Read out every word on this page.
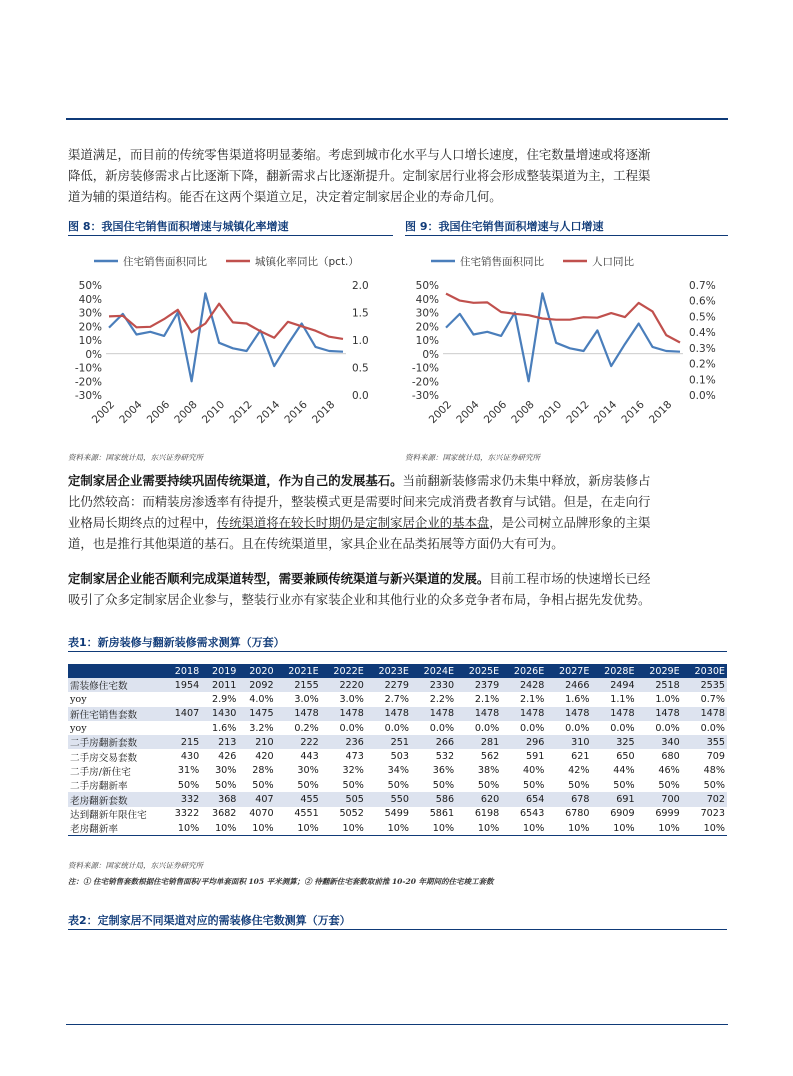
渠道满足，而目前的传统零售渠道将明显萎缩。考虑到城市化水平与人口增长速度，住宅数量增速或将逐渐
降低，新房装修需求占比逐渐下降，翻新需求占比逐渐提升。定制家居行业将会形成整装渠道为主，工程渠
道为辅的渠道结构。能否在这两个渠道立足，决定着定制家居企业的寿命几何。

图 8：我国住宅销售面积增速与城镇化率增速
住宅销售面积同比	城镇化率同比（pct.）
50%
40%
30%
20%
10%
0%
-10%
-20%
-30%
2.0
1.5
1.0
0.5
0.0
2002 2004 2006 2008 2010 2012 2014 2016 2018
资料来源：国家统计局，东兴证券研究所
图 9：我国住宅销售面积增速与人口增速
住宅销售面积同比	人口同比
50%
40%
30%
20%
10%
0%
-10%
-20%
-30%
0.7%
0.6%
0.5%
0.4%
0.3%
0.2%
0.1%
0.0%
2002 2004 2006 2008 2010 2012 2014 2016 2018
资料来源：国家统计局，东兴证券研究所

定制家居企业需要持续巩固传统渠道，作为自己的发展基石。当前翻新装修需求仍未集中释放，新房装修占
比仍然较高：而精装房渗透率有待提升，整装模式更是需要时间来完成消费者教育与试错。但是，在走向行
业格局长期终点的过程中，传统渠道将在较长时期仍是定制家居企业的基本盘，是公司树立品牌形象的主渠
道，也是推行其他渠道的基石。且在传统渠道里，家具企业在品类拓展等方面仍大有可为。

定制家居企业能否顺利完成渠道转型，需要兼顾传统渠道与新兴渠道的发展。目前工程市场的快速增长已经
吸引了众多定制家居企业参与，整装行业亦有家装企业和其他行业的众多竞争者布局，争相占据先发优势。

表1：新房装修与翻新装修需求测算（万套）
	2018	2019	2020	2021E	2022E	2023E	2024E	2025E	2026E	2027E	2028E	2029E	2030E
需装修住宅数	1954	2011	2092	2155	2220	2279	2330	2379	2428	2466	2494	2518	2535
yoy		2.9%	4.0%	3.0%	3.0%	2.7%	2.2%	2.1%	2.1%	1.6%	1.1%	1.0%	0.7%
新住宅销售套数	1407	1430	1475	1478	1478	1478	1478	1478	1478	1478	1478	1478	1478
yoy		1.6%	3.2%	0.2%	0.0%	0.0%	0.0%	0.0%	0.0%	0.0%	0.0%	0.0%	0.0%
二手房翻新套数	215	213	210	222	236	251	266	281	296	310	325	340	355
二手房交易套数	430	426	420	443	473	503	532	562	591	621	650	680	709
二手房/新住宅	31%	30%	28%	30%	32%	34%	36%	38%	40%	42%	44%	46%	48%
二手房翻新率	50%	50%	50%	50%	50%	50%	50%	50%	50%	50%	50%	50%	50%
老房翻新套数	332	368	407	455	505	550	586	620	654	678	691	700	702
达到翻新年限住宅	3322	3682	4070	4551	5052	5499	5861	6198	6543	6780	6909	6999	7023
老房翻新率	10%	10%	10%	10%	10%	10%	10%	10%	10%	10%	10%	10%	10%
资料来源：国家统计局，东兴证券研究所
注：① 住宅销售套数根据住宅销售面积/平均单套面积 105 平米测算；② 待翻新住宅套数取前推 10-20 年期间的住宅竣工套数
表2：定制家居不同渠道对应的需装修住宅数测算（万套）
